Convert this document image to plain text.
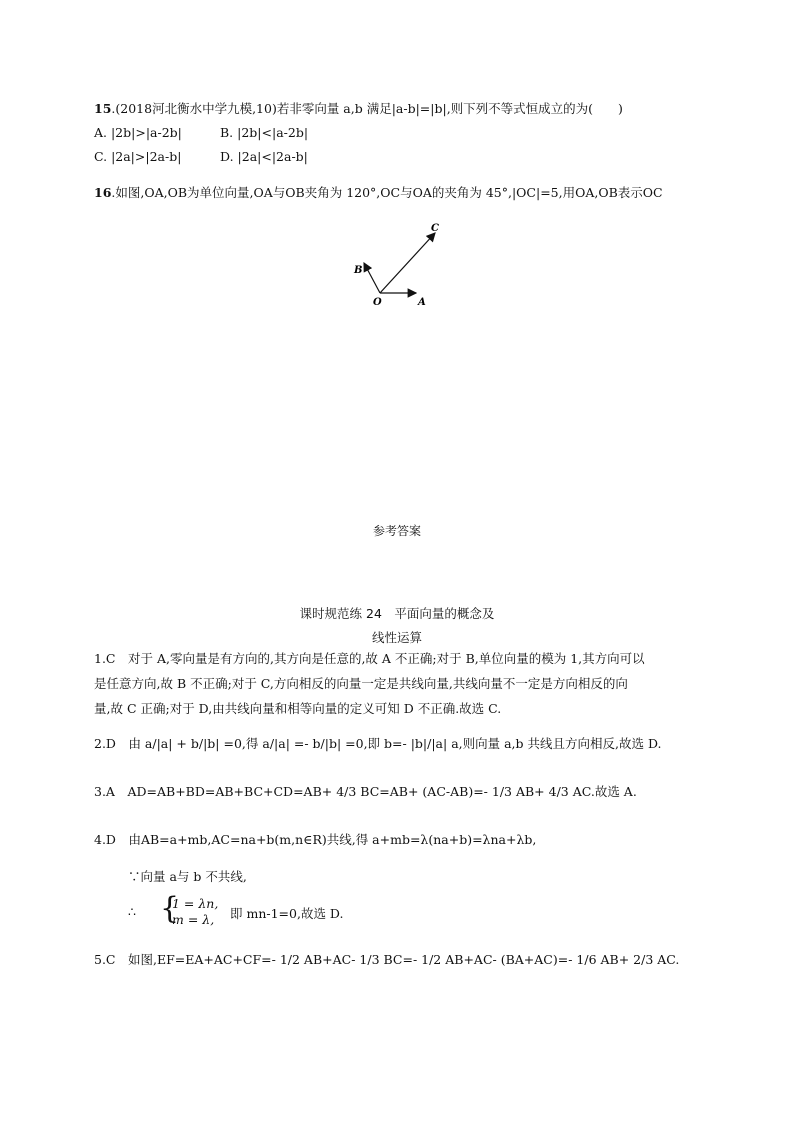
15.(2018河北衡水中学九模,10)若非零向量 a,b 满足|a-b|=|b|,则下列不等式恒成立的为(　　)
A. |2b|>|a-2b|	B. |2b|<|a-2b|
C. |2a|>|2a-b|	D. |2a|<|2a-b|
16.如图,OA,OB为单位向量,OA与OB夹角为 120°,OC与OA的夹角为 45°,|OC|=5,用OA,OB表示OC
C
B
O	A
参考答案
课时规范练 24　平面向量的概念及
线性运算
1.C　对于 A,零向量是有方向的,其方向是任意的,故 A 不正确;对于 B,单位向量的模为 1,其方向可以
是任意方向,故 B 不正确;对于 C,方向相反的向量一定是共线向量,共线向量不一定是方向相反的向
量,故 C 正确;对于 D,由共线向量和相等向量的定义可知 D 不正确.故选 C.
2.D　由 a/|a| + b/|b| =0,得 a/|a| =- b/|b| =0,即 b=- |b|/|a| a,则向量 a,b 共线且方向相反,故选 D.
3.A　AD=AB+BD=AB+BC+CD=AB+ 4/3 BC=AB+ (AC-AB)=- 1/3 AB+ 4/3 AC.故选 A.
4.D　由AB=a+mb,AC=na+b(m,n∈R)共线,得 a+mb=λ(na+b)=λna+λb,
∵向量 a与 b 不共线,
∴ {
1 = λn,
m = λ, 即 mn-1=0,故选 D.
5.C　如图,EF=EA+AC+CF=- 1/2 AB+AC- 1/3 BC=- 1/2 AB+AC- (BA+AC)=- 1/6 AB+ 2/3 AC.
